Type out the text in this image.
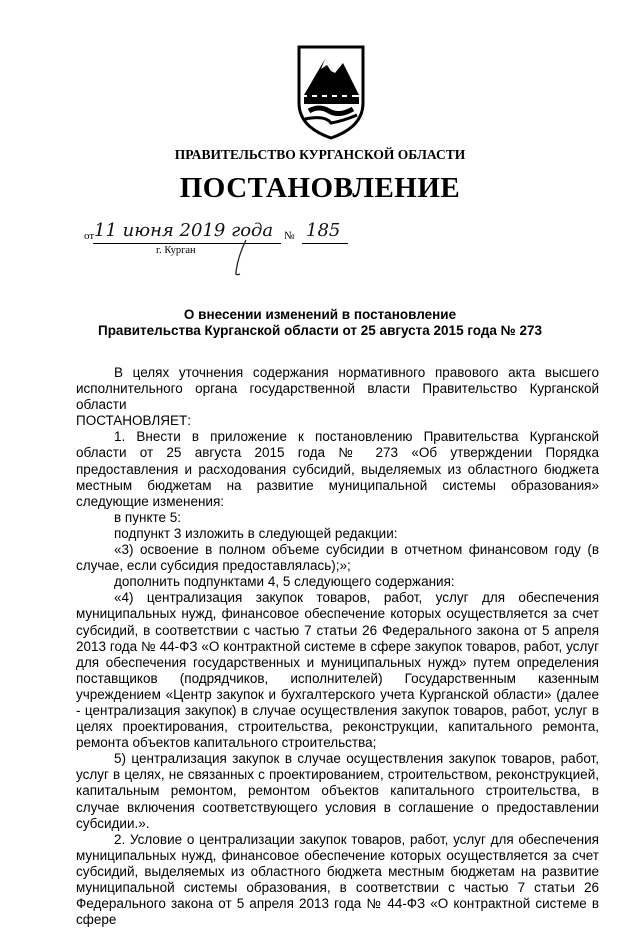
ПРАВИТЕЛЬСТВО КУРГАНСКОЙ ОБЛАСТИ
ПОСТАНОВЛЕНИЕ
от 11 июня 2019 года № 185
г. Курган
О внесении изменений в постановление
Правительства Курганской области от 25 августа 2015 года № 273

В целях уточнения содержания нормативного правового акта высшего исполнительного органа государственной власти Правительство Курганской области

ПОСТАНОВЛЯЕТ:

1. Внести в приложение к постановлению Правительства Курганской области от 25 августа 2015 года № 273 «Об утверждении Порядка предоставления и расходования субсидий, выделяемых из областного бюджета местным бюджетам на развитие муниципальной системы образования» следующие изменения:

в пункте 5:

подпункт 3 изложить в следующей редакции:

«3) освоение в полном объеме субсидии в отчетном финансовом году (в случае, если субсидия предоставлялась);»;

дополнить подпунктами 4, 5 следующего содержания:

«4) централизация закупок товаров, работ, услуг для обеспечения муниципальных нужд, финансовое обеспечение которых осуществляется за счет субсидий, в соответствии с частью 7 статьи 26 Федерального закона от 5 апреля 2013 года № 44-ФЗ «О контрактной системе в сфере закупок товаров, работ, услуг для обеспечения государственных и муниципальных нужд» путем определения поставщиков (подрядчиков, исполнителей) Государственным казенным учреждением «Центр закупок и бухгалтерского учета Курганской области» (далее - централизация закупок) в случае осуществления закупок товаров, работ, услуг в целях проектирования, строительства, реконструкции, капитального ремонта, ремонта объектов капитального строительства;

5) централизация закупок в случае осуществления закупок товаров, работ, услуг в целях, не связанных с проектированием, строительством, реконструкцией, капитальным ремонтом, ремонтом объектов капитального строительства, в случае включения соответствующего условия в соглашение о предоставлении субсидии.».

2. Условие о централизации закупок товаров, работ, услуг для обеспечения муниципальных нужд, финансовое обеспечение которых осуществляется за счет субсидий, выделяемых из областного бюджета местным бюджетам на развитие муниципальной системы образования, в соответствии с частью 7 статьи 26 Федерального закона от 5 апреля 2013 года № 44-ФЗ «О контрактной системе в сфере
